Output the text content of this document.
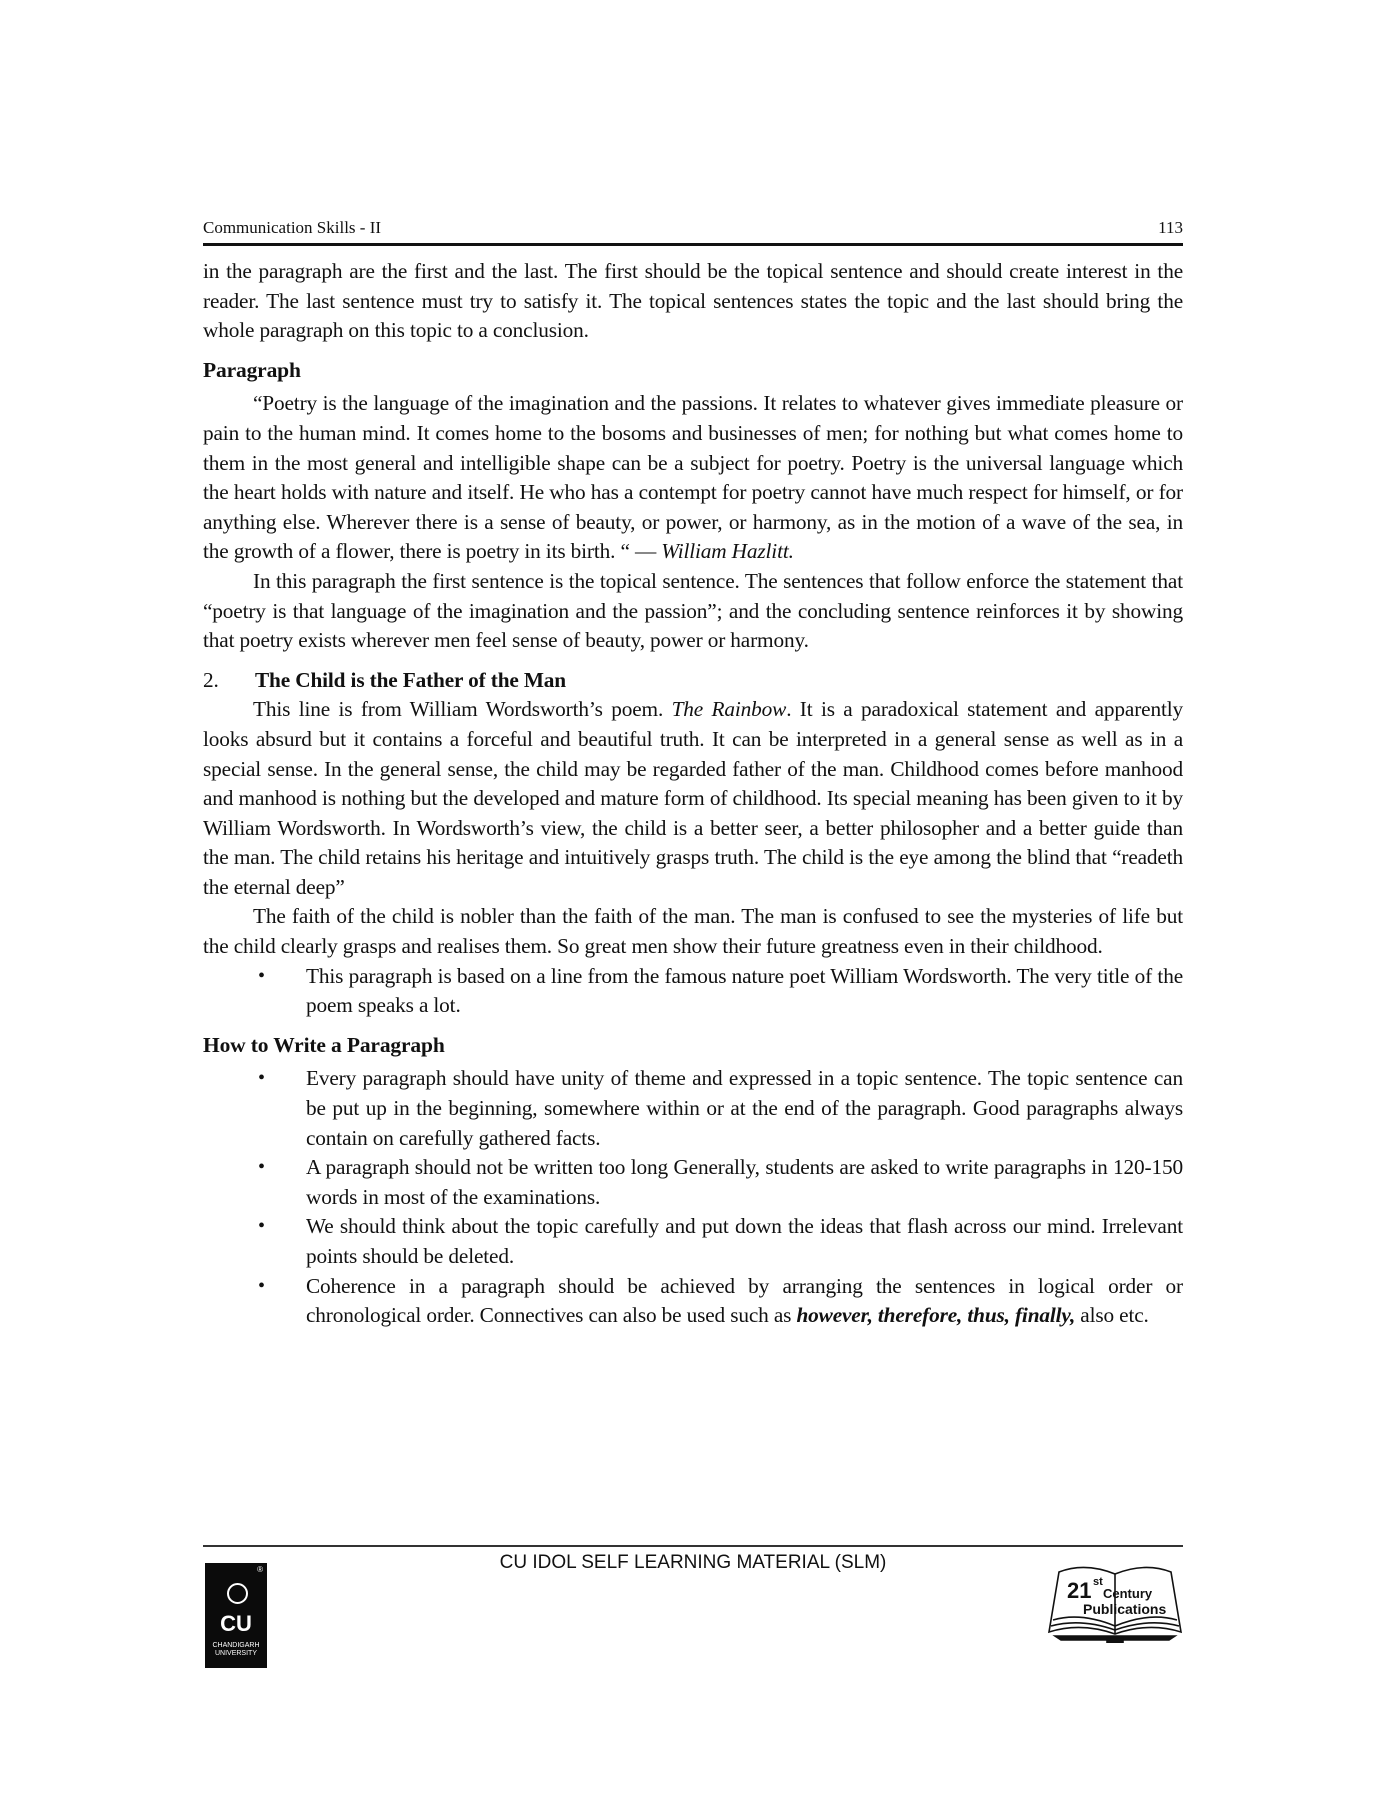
Communication Skills - II	113

in the paragraph are the first and the last. The first should be the topical sentence and should create interest in the reader. The last sentence must try to satisfy it. The topical sentences states the topic and the last should bring the whole paragraph on this topic to a conclusion.

Paragraph

“Poetry is the language of the imagination and the passions. It relates to whatever gives immediate pleasure or pain to the human mind. It comes home to the bosoms and businesses of men; for nothing but what comes home to them in the most general and intelligible shape can be a subject for poetry. Poetry is the universal language which the heart holds with nature and itself. He who has a contempt for poetry cannot have much respect for himself, or for anything else. Wherever there is a sense of beauty, or power, or harmony, as in the motion of a wave of the sea, in the growth of a flower, there is poetry in its birth. “ — William Hazlitt.

In this paragraph the first sentence is the topical sentence. The sentences that follow enforce the statement that “poetry is that language of the imagination and the passion”; and the concluding sentence reinforces it by showing that poetry exists wherever men feel sense of beauty, power or harmony.

2.	The Child is the Father of the Man

This line is from William Wordsworth’s poem. The Rainbow. It is a paradoxical statement and apparently looks absurd but it contains a forceful and beautiful truth. It can be interpreted in a general sense as well as in a special sense. In the general sense, the child may be regarded father of the man. Childhood comes before manhood and manhood is nothing but the developed and mature form of childhood. Its special meaning has been given to it by William Wordsworth. In Wordsworth’s view, the child is a better seer, a better philosopher and a better guide than the man. The child retains his heritage and intuitively grasps truth. The child is the eye among the blind that “readeth the eternal deep”

The faith of the child is nobler than the faith of the man. The man is confused to see the mysteries of life but the child clearly grasps and realises them. So great men show their future greatness even in their childhood.

• This paragraph is based on a line from the famous nature poet William Wordsworth. The very title of the poem speaks a lot.
How to Write a Paragraph
• Every paragraph should have unity of theme and expressed in a topic sentence. The topic sentence can be put up in the beginning, somewhere within or at the end of the paragraph. Good paragraphs always contain on carefully gathered facts.
• A paragraph should not be written too long Generally, students are asked to write paragraphs in 120-150 words in most of the examinations.
• We should think about the topic carefully and put down the ideas that flash across our mind. Irrelevant points should be deleted.
• Coherence in a paragraph should be achieved by arranging the sentences in logical order or chronological order. Connectives can also be used such as however, therefore, thus, finally, also etc.
CU IDOL SELF LEARNING MATERIAL (SLM)
®
CU
CHANDIGARH
UNIVERSITY
21 st
Century
Publications
